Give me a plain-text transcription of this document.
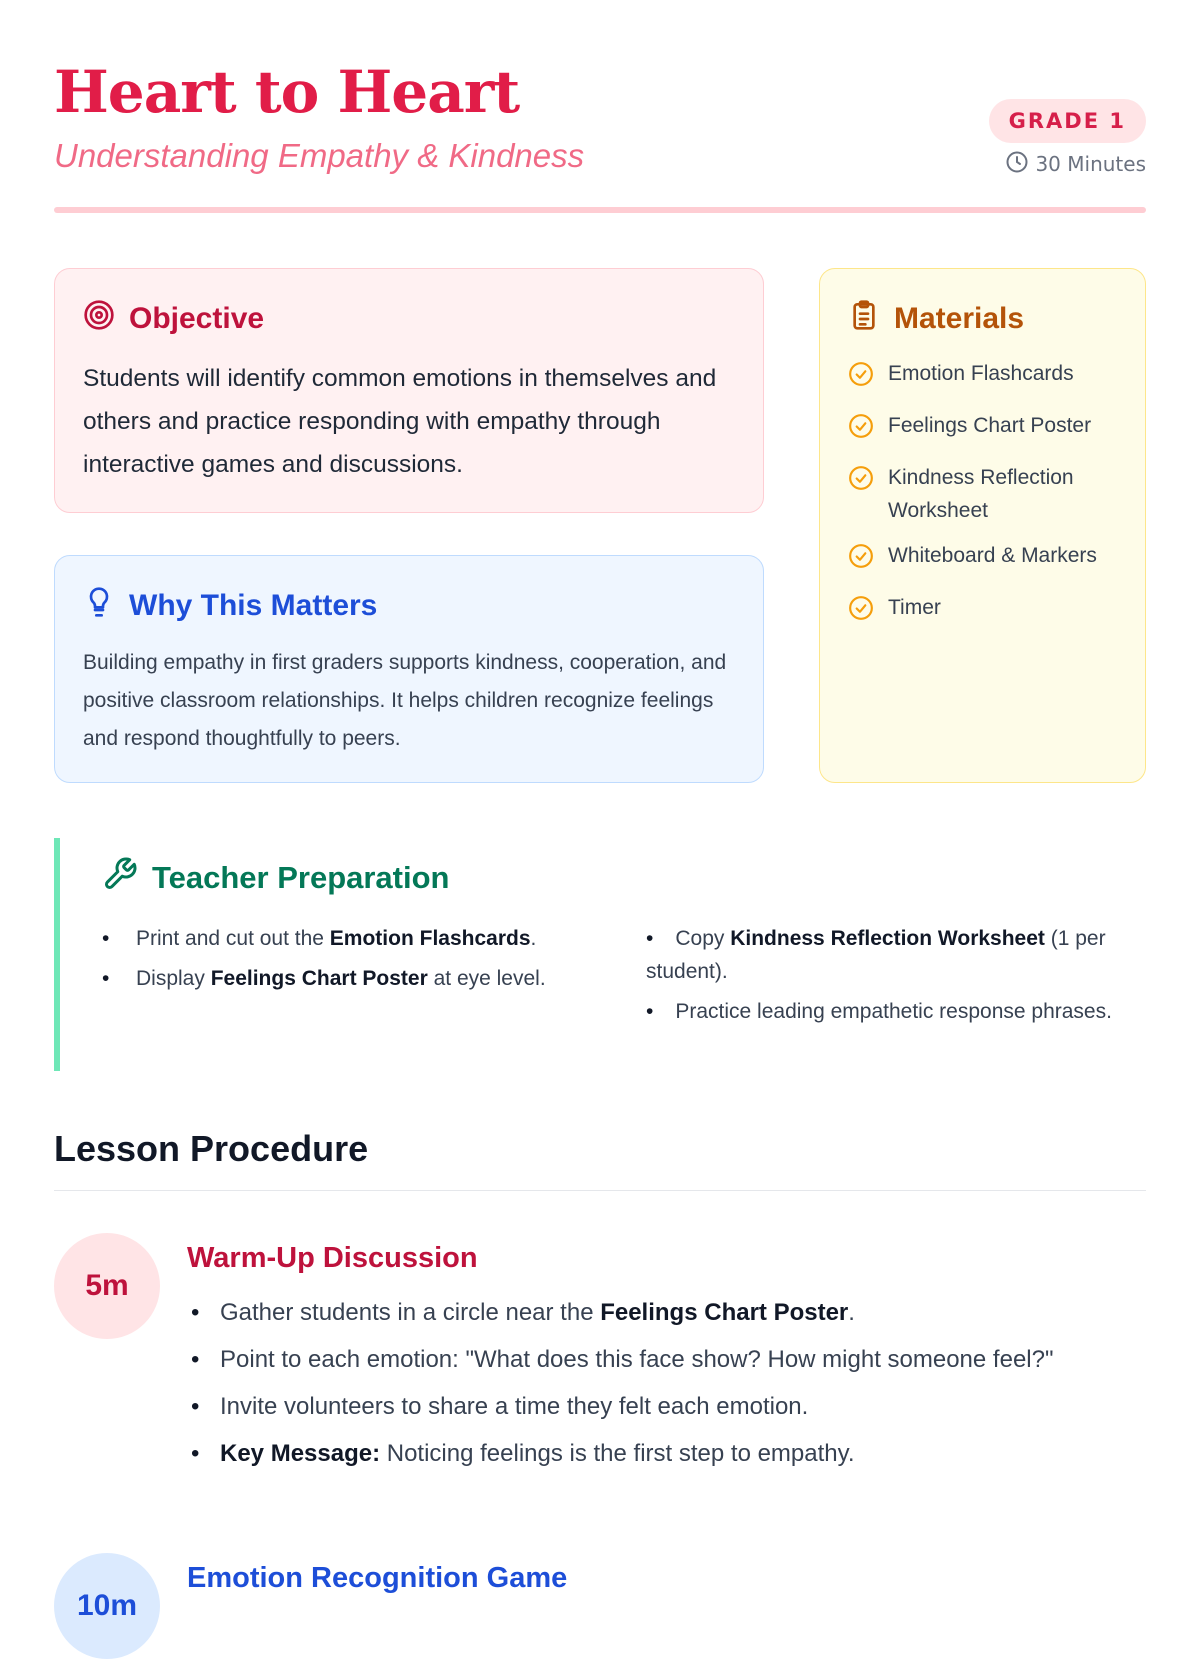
Heart to Heart
Understanding Empathy & Kindness
GRADE 1
30 Minutes
Objective

Students will identify common emotions in themselves and others and practice responding with empathy through interactive games and discussions.

Why This Matters

Building empathy in first graders supports kindness, cooperation, and positive classroom relationships. It helps children recognize feelings and respond thoughtfully to peers.

Materials
Emotion Flashcards
Feelings Chart Poster
Kindness Reflection Worksheet
Whiteboard & Markers
Timer
Teacher Preparation
• Print and cut out the Emotion Flashcards.
• Display Feelings Chart Poster at eye level.
• Copy Kindness Reflection Worksheet (1 per student).
• Practice leading empathetic response phrases.
Lesson Procedure
5m
Warm-Up Discussion
• Gather students in a circle near the Feelings Chart Poster.
• Point to each emotion: "What does this face show? How might someone feel?"
• Invite volunteers to share a time they felt each emotion.
• Key Message: Noticing feelings is the first step to empathy.
10m
Emotion Recognition Game
